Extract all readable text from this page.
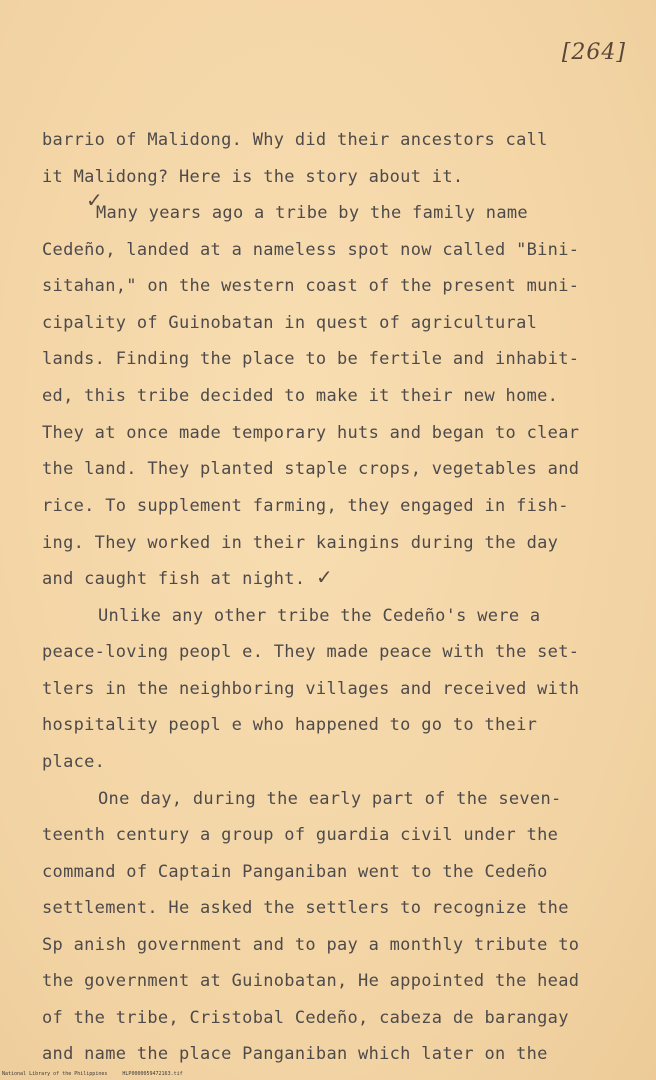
[264]
barrio of Malidong. Why did their ancestors call
it Malidong? Here is the story about it.
Many years ago a tribe by the family name
Cedeño, landed at a nameless spot now called "Bini-
sitahan," on the western coast of the present muni-
cipality of Guinobatan in quest of agricultural
lands. Finding the place to be fertile and inhabit-
ed, this tribe decided to make it their new home.
They at once made temporary huts and began to clear
the land. They planted staple crops, vegetables and
rice. To supplement farming, they engaged in fish-
ing. They worked in their kaingins during the day
and caught fish at night.
Unlike any other tribe the Cedeño's were a
peace-loving peopl e. They made peace with the set-
tlers in the neighboring villages and received with
hospitality peopl e who happened to go to their
place.
One day, during the early part of the seven-
teenth century a group of guardia civil under the
command of Captain Panganiban went to the Cedeño
settlement. He asked the settlers to recognize the
Sp anish government and to pay a monthly tribute to
the government at Guinobatan, He appointed the head
of the tribe, Cristobal Cedeño, cabeza de barangay
and name the place Panganiban which later on the
✓
✓
National Library of the Philippines     HLP0000059472163.tif
